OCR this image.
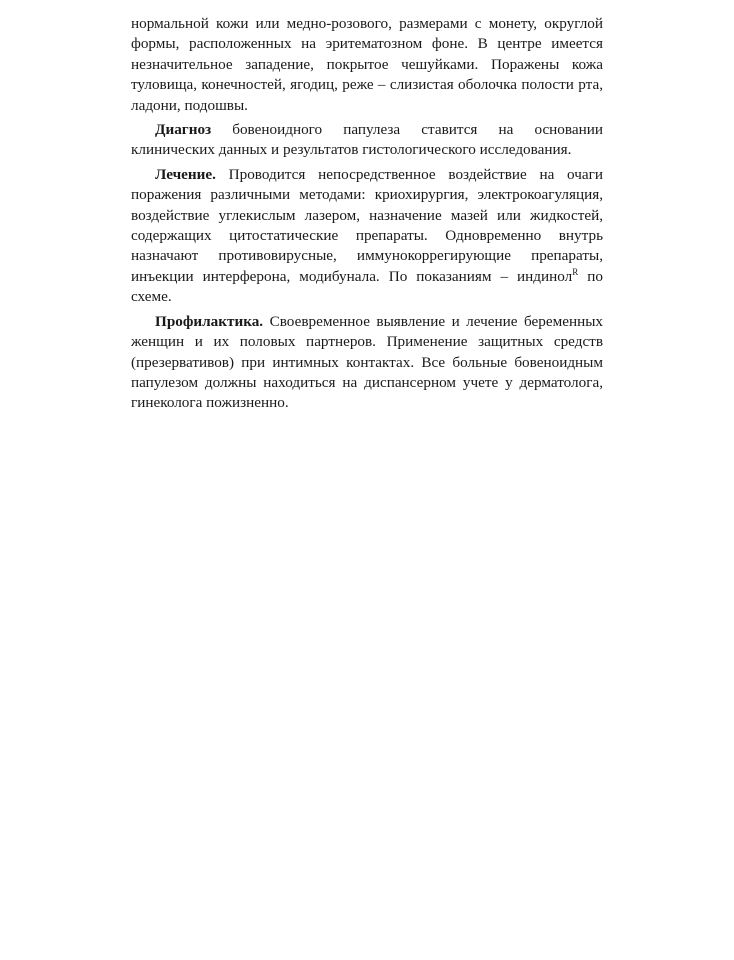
нормальной кожи или медно-розового, размерами с монету, округлой формы, расположенных на эритематозном фоне. В центре имеется незначительное западение, покрытое чешуйками. Поражены кожа туловища, конечностей, ягодиц, реже – слизистая оболочка полости рта, ладони, подошвы.

Диагноз бовеноидного папулеза ставится на основании клинических данных и результатов гистологического исследования.

Лечение. Проводится непосредственное воздействие на очаги поражения различными методами: криохирургия, электрокоагуляция, воздействие углекислым лазером, назначение мазей или жидкостей, содержащих цитостатические препараты. Одновременно внутрь назначают противовирусные, иммунокоррегирующие препараты, инъекции интерферона, модибунала. По показаниям – индинол$^R$ по схеме.

Профилактика. Своевременное выявление и лечение беременных женщин и их половых партнеров. Применение защитных средств (презервативов) при интимных контактах. Все больные бовеноидным папулезом должны находиться на диспансерном учете у дерматолога, гинеколога пожизненно.
